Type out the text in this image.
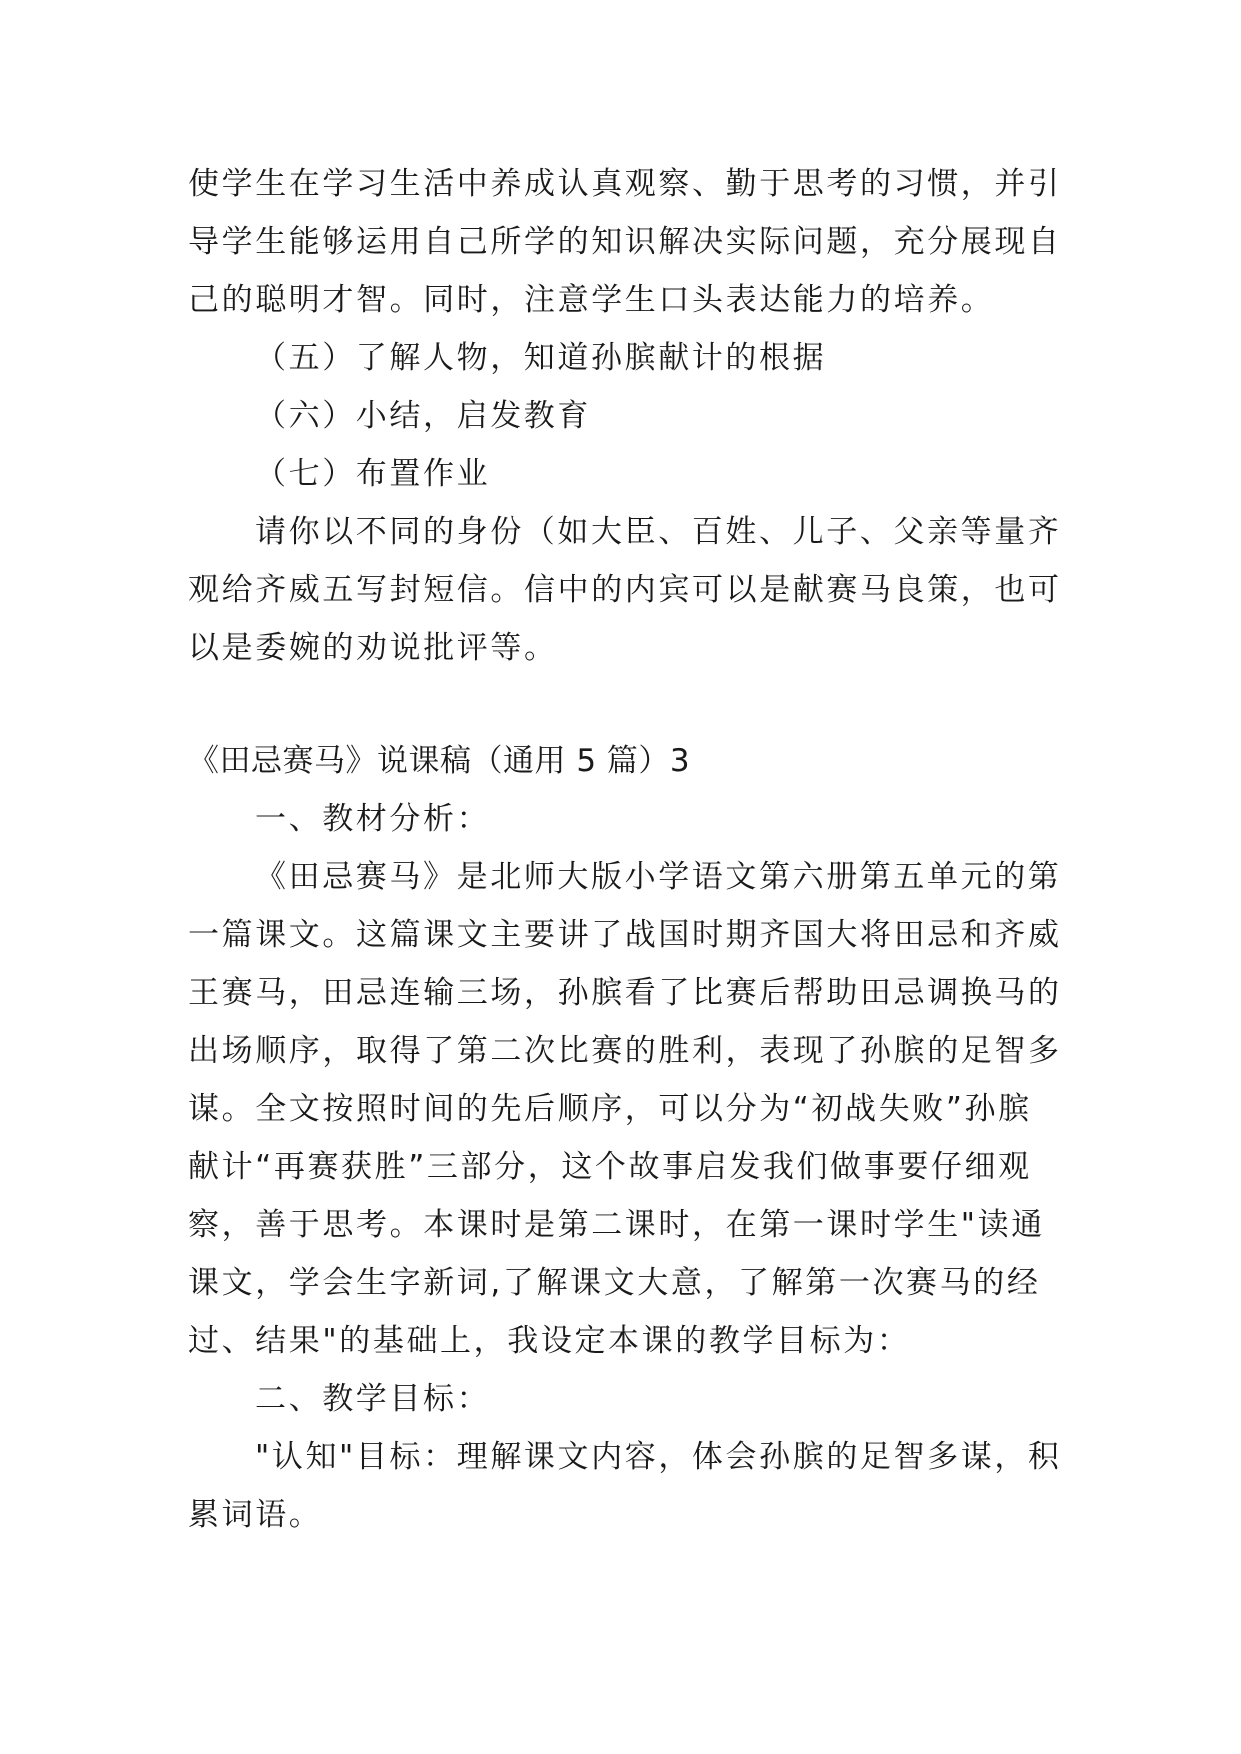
使学生在学习生活中养成认真观察、勤于思考的习惯，并引

导学生能够运用自己所学的知识解决实际问题，充分展现自

己的聪明才智。同时，注意学生口头表达能力的培养。

（五）了解人物，知道孙膑献计的根据

（六）小结，启发教育

（七）布置作业

请你以不同的身份（如大臣、百姓、儿子、父亲等量齐

观给齐威五写封短信。信中的内宾可以是献赛马良策，也可

以是委婉的劝说批评等。

《田忌赛马》说课稿（通用 5 篇）3

一、教材分析：

《田忌赛马》是北师大版小学语文第六册第五单元的第

一篇课文。这篇课文主要讲了战国时期齐国大将田忌和齐威

王赛马，田忌连输三场，孙膑看了比赛后帮助田忌调换马的

出场顺序，取得了第二次比赛的胜利，表现了孙膑的足智多

谋。全文按照时间的先后顺序，可以分为“初战失败”孙膑

献计“再赛获胜”三部分，这个故事启发我们做事要仔细观

察，善于思考。本课时是第二课时，在第一课时学生"读通

课文，学会生字新词,了解课文大意，了解第一次赛马的经

过、结果"的基础上，我设定本课的教学目标为：

二、教学目标：

"认知"目标：理解课文内容，体会孙膑的足智多谋，积

累词语。
